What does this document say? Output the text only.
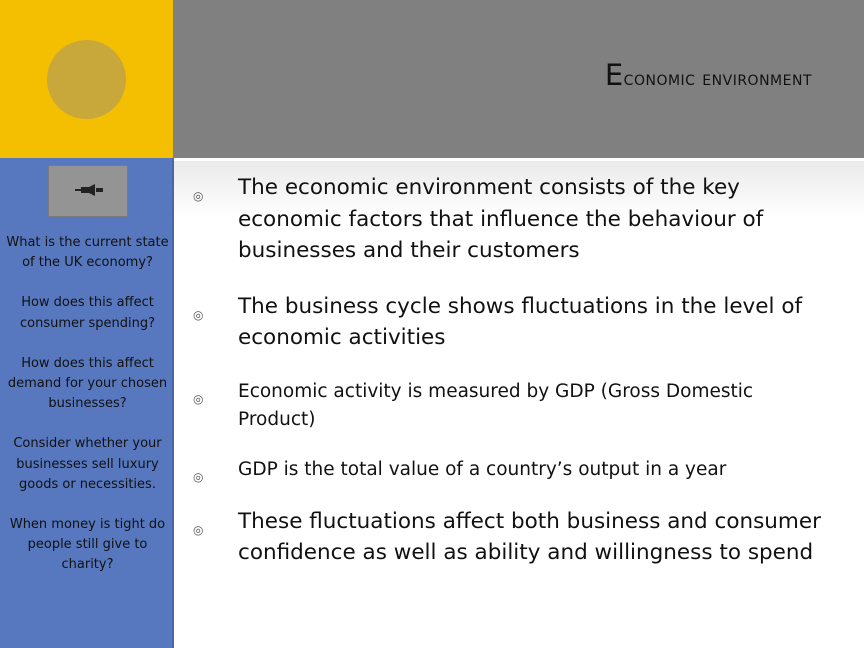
Economic environment

What is the current state of the UK economy?

How does this affect consumer spending?

How does this affect demand for your chosen businesses?

Consider whether your businesses sell luxury goods or necessities.

When money is tight do people still give to charity?

◎ The economic environment consists of the key economic factors that influence the behaviour of businesses and their customers
◎ The business cycle shows fluctuations in the level of economic activities
◎ Economic activity is measured by GDP (Gross Domestic Product)
◎ GDP is the total value of a country’s output in a year
◎ These fluctuations affect both business and consumer confidence as well as ability and willingness to spend
